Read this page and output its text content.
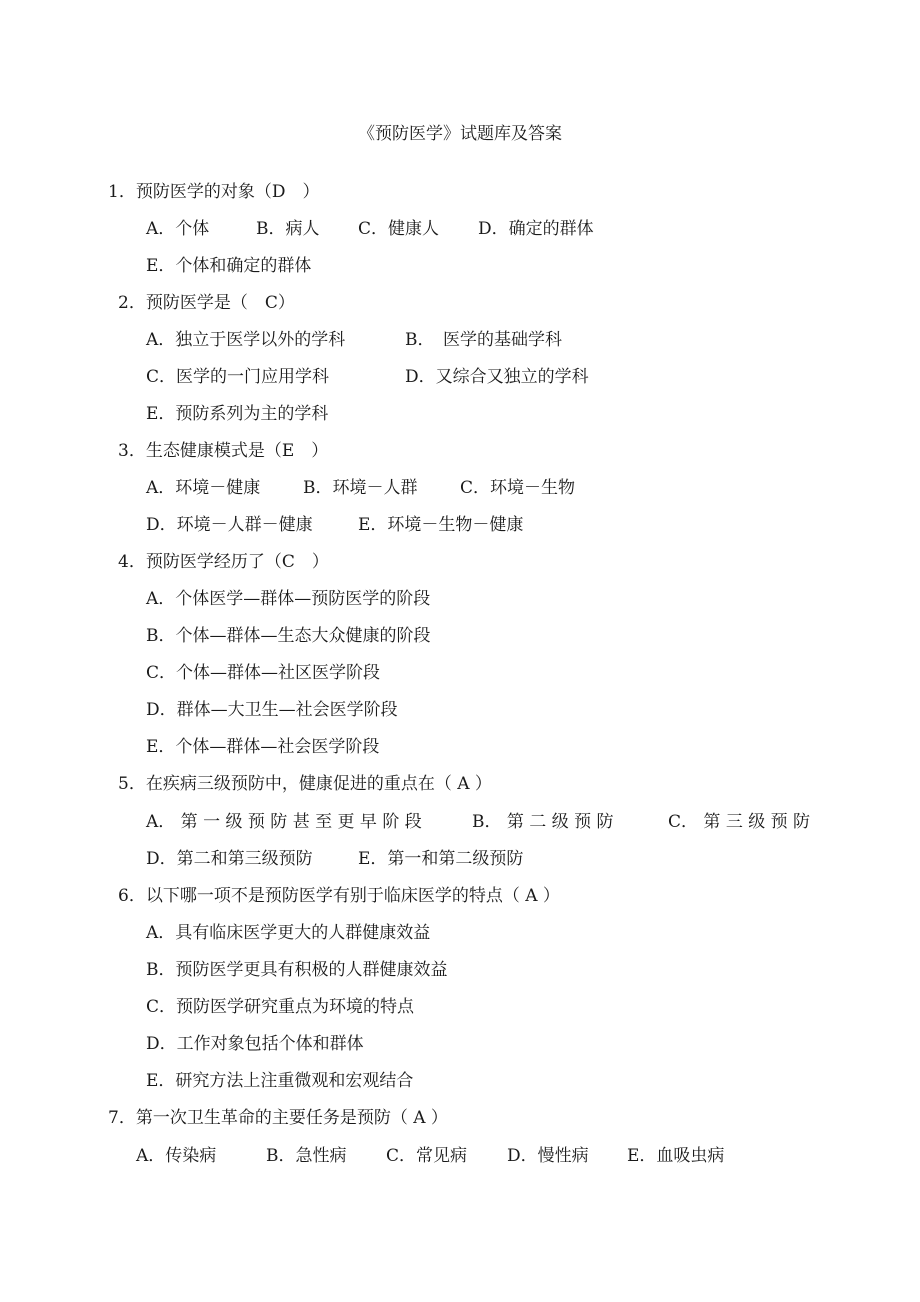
《预防医学》试题库及答案
1．预防医学的对象（D　）
A．个体	B．病人 C．健康人 D．确定的群体
E．个体和确定的群体
2．预防医学是（　C）
A．独立于医学以外的学科	B．　医学的基础学科
C．医学的一门应用学科	D．又综合又独立的学科
E．预防系列为主的学科
3．生态健康模式是（E　）
A．环境－健康	B．环境－人群	C．环境－生物
D．环境－人群－健康	E．环境－生物－健康
4．预防医学经历了（C　）
A．个体医学—群体—预防医学的阶段
B．个体—群体—生态大众健康的阶段
C．个体—群体—社区医学阶段
D．群体—大卫生—社会医学阶段
E．个体—群体—社会医学阶段
5．在疾病三级预防中，健康促进的重点在（ A ）
A． 第 一 级 预 防 甚 至 更 早 阶 段	B． 第 二 级 预 防	C． 第 三 级 预 防
D．第二和第三级预防	E．第一和第二级预防
6．以下哪一项不是预防医学有别于临床医学的特点（ A ）
A．具有临床医学更大的人群健康效益
B．预防医学更具有积极的人群健康效益
C．预防医学研究重点为环境的特点
D．工作对象包括个体和群体
E．研究方法上注重微观和宏观结合
7．第一次卫生革命的主要任务是预防（ A ）
A．传染病	B．急性病 C．常见病 D．慢性病 E．血吸虫病
